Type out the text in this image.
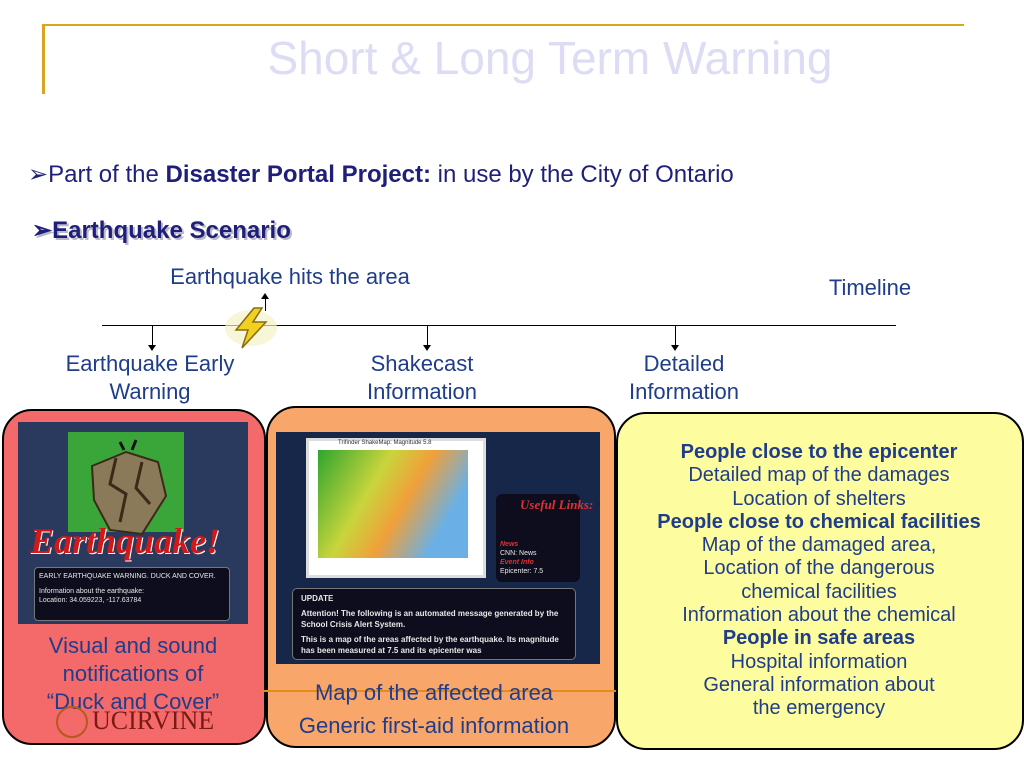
Short & Long Term Warning
➢Part of the Disaster Portal Project: in use by the City of Ontario
➢Earthquake Scenario
Earthquake hits the area	Timeline
Earthquake Early
Warning
Shakecast
Information
Detailed
Information
Earthquake!
EARLY EARTHQUAKE WARNING. DUCK AND COVER.
Information about the earthquake:
Location: 34.059223, -117.63784
Visual and sound
notifications of
“Duck and Cover”
UCIRVINE
Trifinder ShakeMap: Magnitude 5.8
Useful Links:
News
CNN: News
Event Info
Epicenter: 7.5
UPDATE
Attention! The following is an automated message generated by the School Crisis Alert System.
This is a map of the areas affected by the earthquake. Its magnitude has been measured at 7.5 and its epicenter was
Map of the affected area
Generic first-aid information
People close to the epicenter
Detailed map of the damages
Location of shelters
People close to chemical facilities
Map of the damaged area,
Location of the dangerous
chemical facilities
Information about the chemical
People in safe areas
Hospital information
General information about
the emergency
